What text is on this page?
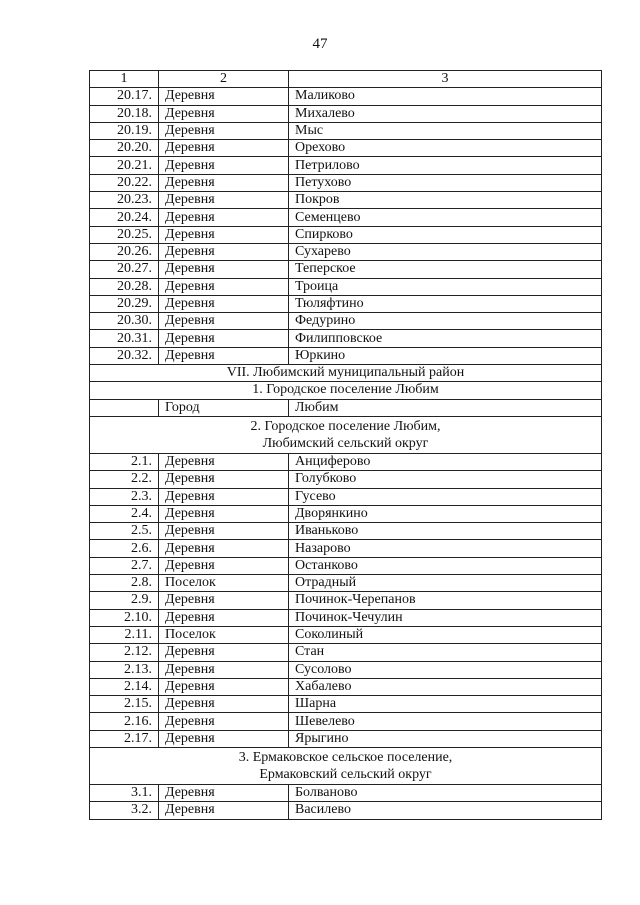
47
1	2	3
20.17.	Деревня	Маликово
20.18.	Деревня	Михалево
20.19.	Деревня	Мыс
20.20.	Деревня	Орехово
20.21.	Деревня	Петрилово
20.22.	Деревня	Петухово
20.23.	Деревня	Покров
20.24.	Деревня	Семенцево
20.25.	Деревня	Спирково
20.26.	Деревня	Сухарево
20.27.	Деревня	Теперское
20.28.	Деревня	Троица
20.29.	Деревня	Тюляфтино
20.30.	Деревня	Федурино
20.31.	Деревня	Филипповское
20.32.	Деревня	Юркино

VII. Любимский муниципальный район		

1. Городское поселение Любим		

	Город	Любим

2. Городское поселение Любим,
Любимский сельский округ		

2.1.	Деревня	Анциферово
2.2.	Деревня	Голубково
2.3.	Деревня	Гусево
2.4.	Деревня	Дворянкино
2.5.	Деревня	Иваньково
2.6.	Деревня	Назарово
2.7.	Деревня	Останково
2.8.	Поселок	Отрадный
2.9.	Деревня	Починок-Черепанов
2.10.	Деревня	Починок-Чечулин
2.11.	Поселок	Соколиный
2.12.	Деревня	Стан
2.13.	Деревня	Сусолово
2.14.	Деревня	Хабалево
2.15.	Деревня	Шарна
2.16.	Деревня	Шевелево
2.17.	Деревня	Ярыгино

3. Ермаковское сельское поселение,
Ермаковский сельский округ		

3.1.	Деревня	Болваново
3.2.	Деревня	Василево
